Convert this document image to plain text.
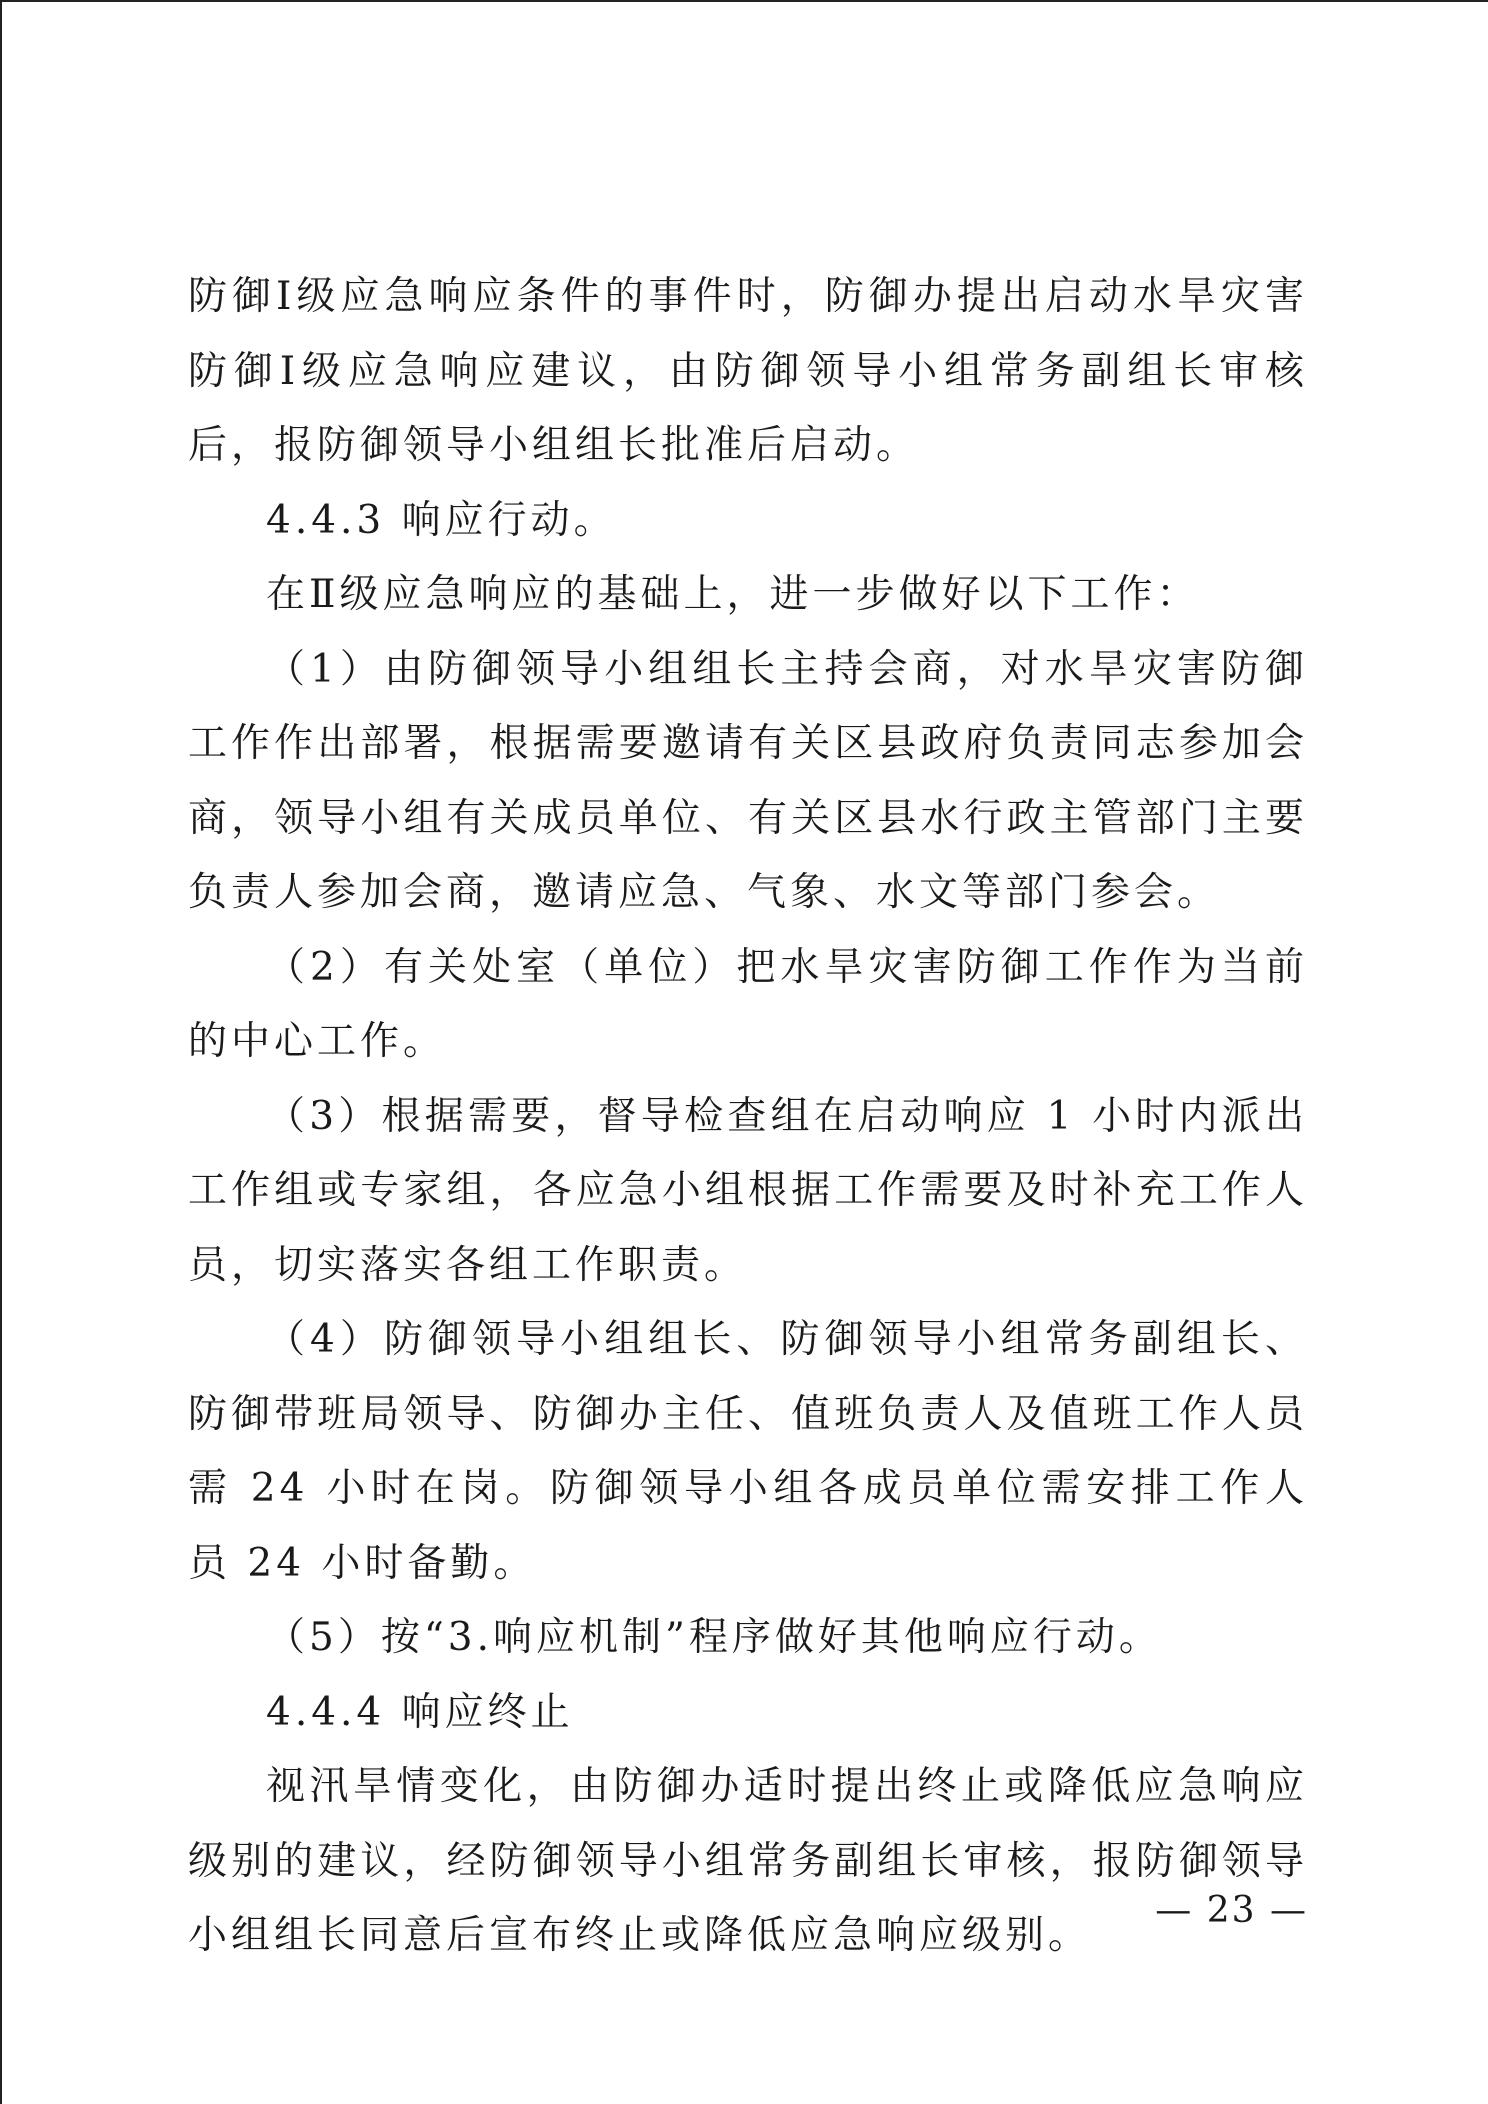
防御Ⅰ级应急响应条件的事件时，防御办提出启动水旱灾害防御Ⅰ级应急响应建议，由防御领导小组常务副组长审核后，报防御领导小组组长批准后启动。

4.4.3 响应行动。

在Ⅱ级应急响应的基础上，进一步做好以下工作：

（1）由防御领导小组组长主持会商，对水旱灾害防御工作作出部署，根据需要邀请有关区县政府负责同志参加会商，领导小组有关成员单位、有关区县水行政主管部门主要负责人参加会商，邀请应急、气象、水文等部门参会。

（2）有关处室（单位）把水旱灾害防御工作作为当前的中心工作。

（3）根据需要，督导检查组在启动响应 1 小时内派出工作组或专家组，各应急小组根据工作需要及时补充工作人员，切实落实各组工作职责。

（4）防御领导小组组长、防御领导小组常务副组长、防御带班局领导、防御办主任、值班负责人及值班工作人员需 24 小时在岗。防御领导小组各成员单位需安排工作人员 24 小时备勤。

（5）按“3.响应机制”程序做好其他响应行动。

4.4.4 响应终止

视汛旱情变化，由防御办适时提出终止或降低应急响应级别的建议，经防御领导小组常务副组长审核，报防御领导小组组长同意后宣布终止或降低应急响应级别。

— 23 —
